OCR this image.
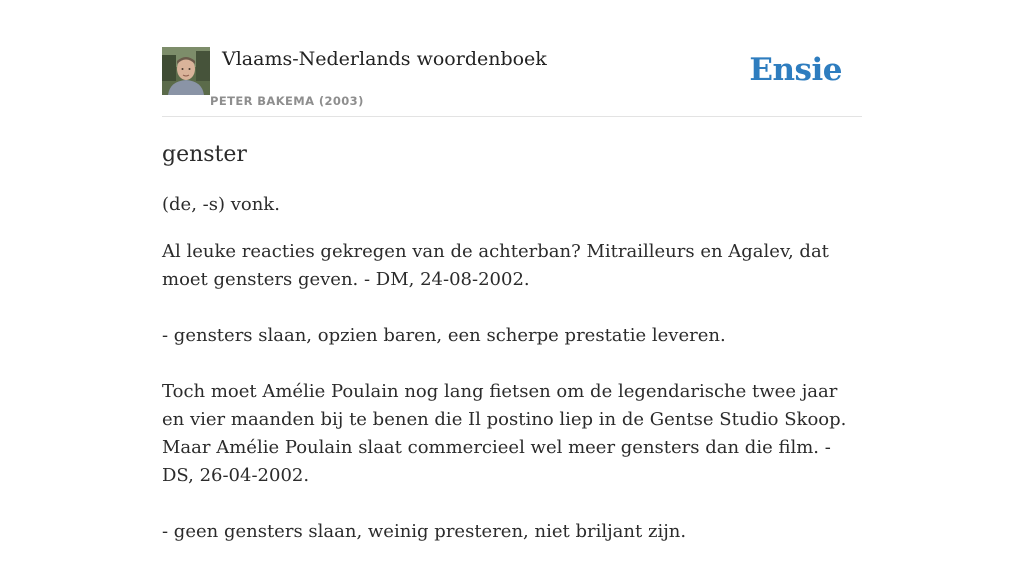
Vlaams-Nederlands woordenboek
PETER BAKEMA (2003)
Ensie
genster

(de, -s) vonk.

Al leuke reacties gekregen van de achterban? Mitrailleurs en Agalev, dat moet gensters geven. - DM, 24-08-2002.

- gensters slaan, opzien baren, een scherpe prestatie leveren.

Toch moet Amélie Poulain nog lang fietsen om de legendarische twee jaar en vier maanden bij te benen die Il postino liep in de Gentse Studio Skoop. Maar Amélie Poulain slaat commercieel wel meer gensters dan die film. - DS, 26-04-2002.

- geen gensters slaan, weinig presteren, niet briljant zijn.
